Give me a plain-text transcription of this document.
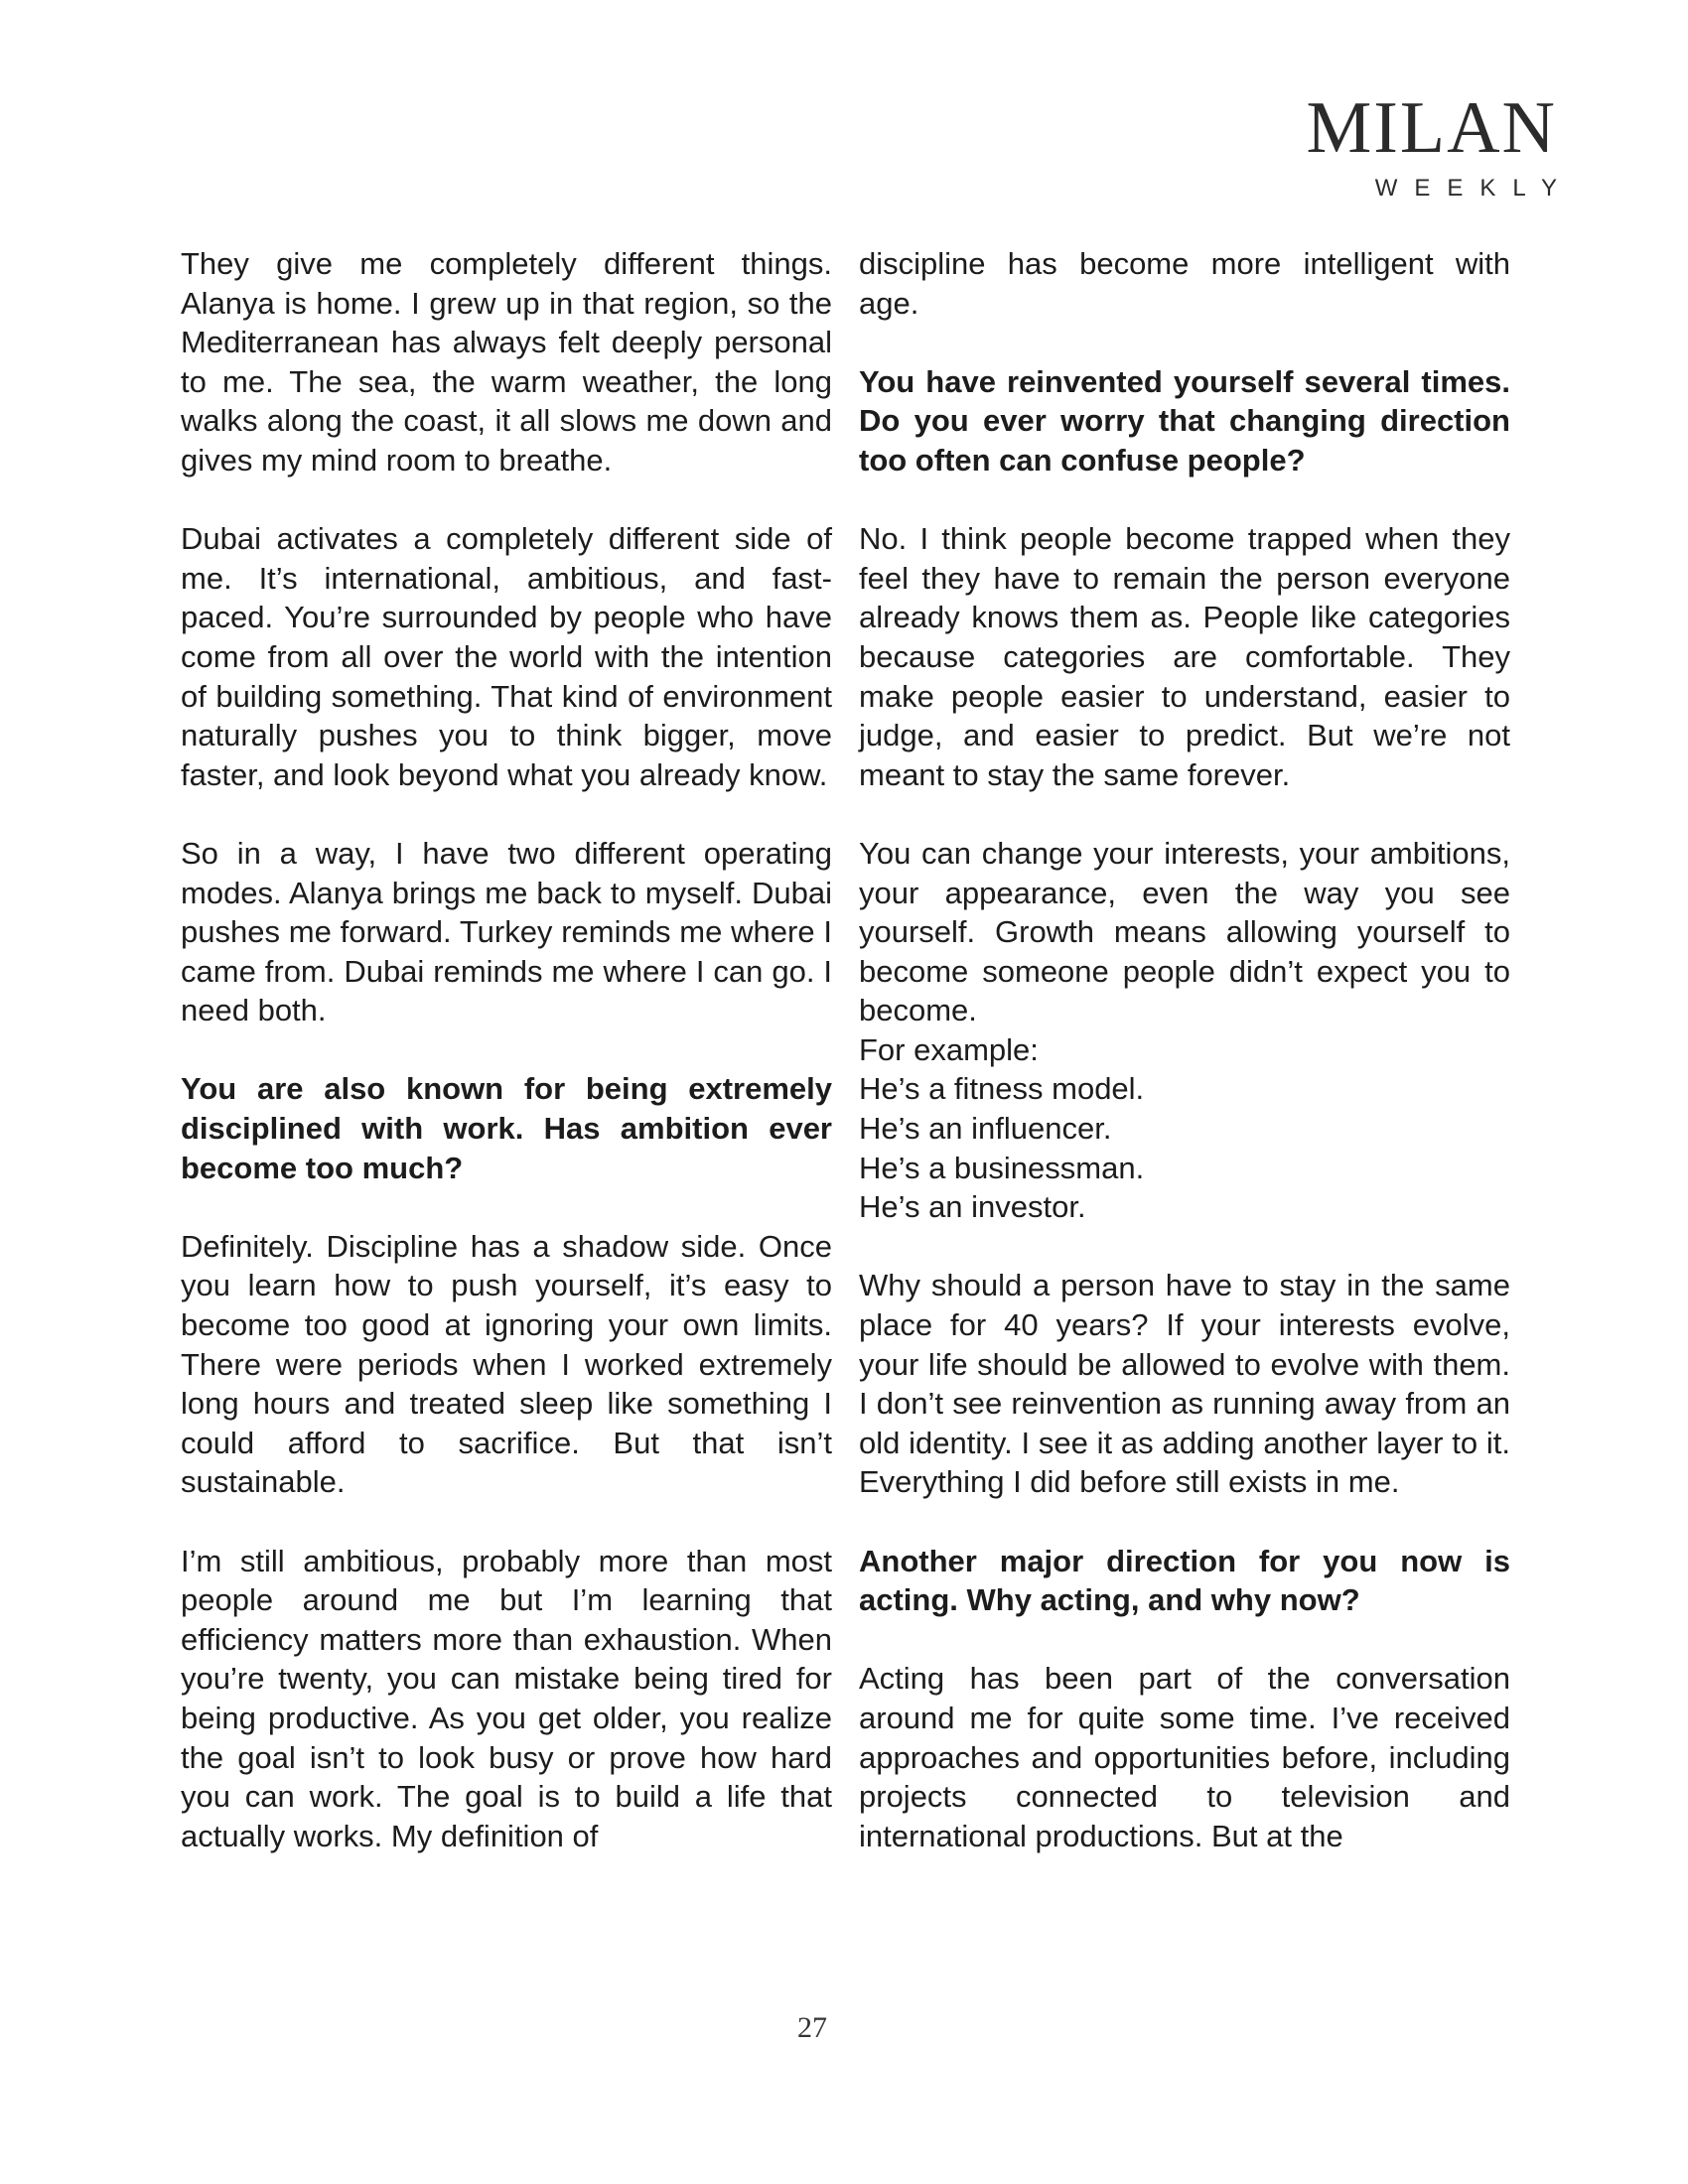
MILAN
WEEKLY

They give me completely different things. Alanya is home. I grew up in that region, so the Mediterranean has always felt deeply personal to me. The sea, the warm weather, the long walks along the coast, it all slows me down and gives my mind room to breathe.

Dubai activates a completely different side of me. It’s international, ambitious, and fast-paced. You’re surrounded by people who have come from all over the world with the intention of building something. That kind of environment naturally pushes you to think bigger, move faster, and look beyond what you already know.

So in a way, I have two different operating modes. Alanya brings me back to myself. Dubai pushes me forward. Turkey reminds me where I came from. Dubai reminds me where I can go. I need both.

You are also known for being extremely disciplined with work. Has ambition ever become too much?

Definitely. Discipline has a shadow side. Once you learn how to push yourself, it’s easy to become too good at ignoring your own limits. There were periods when I worked extremely long hours and treated sleep like something I could afford to sacrifice. But that isn’t sustainable.

I’m still ambitious, probably more than most people around me but I’m learning that efficiency matters more than exhaustion. When you’re twenty, you can mistake being tired for being productive. As you get older, you realize the goal isn’t to look busy or prove how hard you can work. The goal is to build a life that actually works. My definition of

discipline has become more intelligent with age.

You have reinvented yourself several times. Do you ever worry that changing direction too often can confuse people?

No. I think people become trapped when they feel they have to remain the person everyone already knows them as. People like categories because categories are comfortable. They make people easier to understand, easier to judge, and easier to predict. But we’re not meant to stay the same forever.

You can change your interests, your ambitions, your appearance, even the way you see yourself. Growth means allowing yourself to become someone people didn’t expect you to become.

For example:
He’s a fitness model.
He’s an influencer.
He’s a businessman.
He’s an investor.

Why should a person have to stay in the same place for 40 years? If your interests evolve, your life should be allowed to evolve with them. I don’t see reinvention as running away from an old identity. I see it as adding another layer to it. Everything I did before still exists in me.

Another major direction for you now is acting. Why acting, and why now?

Acting has been part of the conversation around me for quite some time. I’ve received approaches and opportunities before, including projects connected to television and international productions. But at the

27
